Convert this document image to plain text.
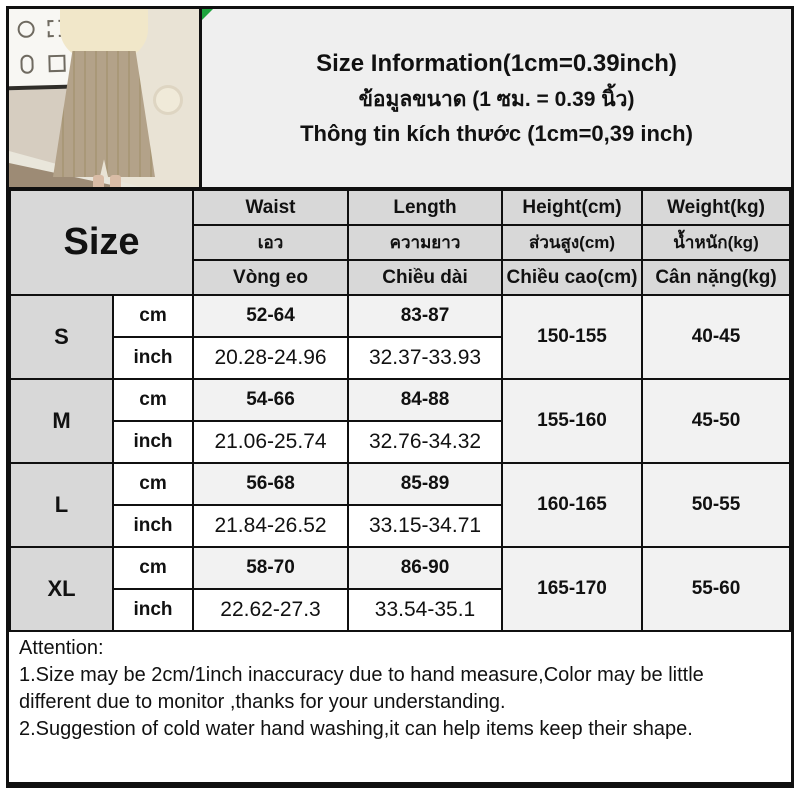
Size Information(1cm=0.39inch)
ข้อมูลขนาด (1 ซม. = 0.39 นิ้ว)
Thông tin kích thước (1cm=0,39 inch)
Size		Waist	Length	Height(cm)	Weight(kg)
		เอว	ความยาว	ส่วนสูง(cm)	น้ำหนัก(kg)
		Vòng eo	Chiều dài	Chiều cao(cm)	Cân nặng(kg)
S	cm	52-64	83-87	150-155	40-45
	inch	20.28-24.96	32.37-33.93		
M	cm	54-66	84-88	155-160	45-50
	inch	21.06-25.74	32.76-34.32		
L	cm	56-68	85-89	160-165	50-55
	inch	21.84-26.52	33.15-34.71		
XL	cm	58-70	86-90	165-170	55-60
	inch	22.62-27.3	33.54-35.1		

Attention:

1.Size may be 2cm/1inch inaccuracy due to hand measure,Color may be little different due to monitor ,thanks for your understanding.

2.Suggestion of cold water hand washing,it can help items keep their shape.
